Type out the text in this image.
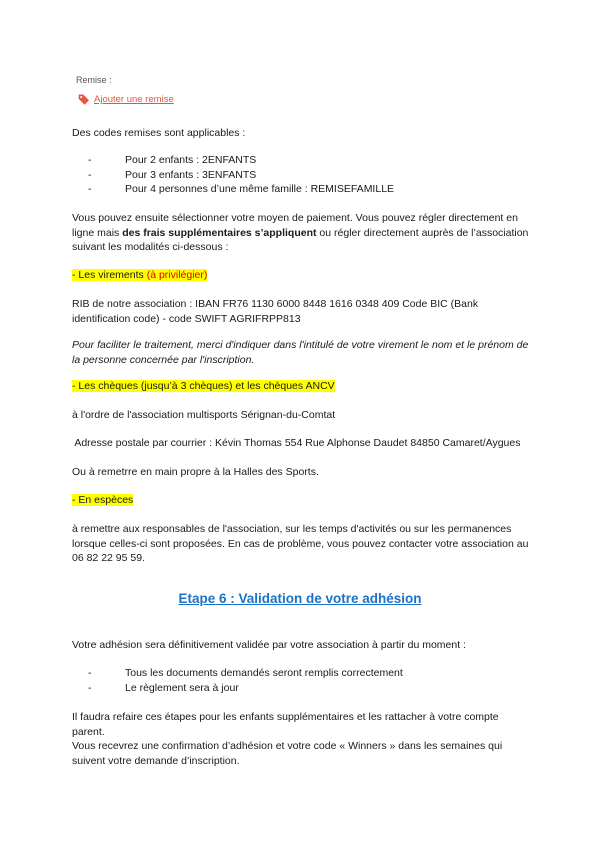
Remise :
Ajouter une remise

Des codes remises sont applicables :

- Pour 2 enfants : 2ENFANTS
- Pour 3 enfants : 3ENFANTS
- Pour 4 personnes d’une même famille : REMISEFAMILLE

Vous pouvez ensuite sélectionner votre moyen de paiement. Vous pouvez régler directement en ligne mais des frais supplémentaires s’appliquent ou régler directement auprès de l’association suivant les modalités ci-dessous :

- Les virements (à privilégier)

RIB de notre association : IBAN FR76 1130 6000 8448 1616 0348 409 Code BIC (Bank identification code) - code SWIFT AGRIFRPP813

Pour faciliter le traitement, merci d'indiquer dans l'intitulé de votre virement le nom et le prénom de la personne concernée par l'inscription.

- Les chèques (jusqu’à 3 chèques) et les chèques ANCV

à l'ordre de l'association multisports Sérignan-du-Comtat

Adresse postale par courrier : Kévin Thomas 554 Rue Alphonse Daudet 84850 Camaret/Aygues

Ou à remetrre en main propre à la Halles des Sports.

- En espèces

à remettre aux responsables de l'association, sur les temps d'activités ou sur les permanences lorsque celles-ci sont proposées. En cas de problème, vous pouvez contacter votre association au 06 82 22 95 59.

Etape 6 : Validation de votre adhésion

Votre adhésion sera définitivement validée par votre association à partir du moment :

- Tous les documents demandés seront remplis correctement
- Le règlement sera à jour

Il faudra refaire ces étapes pour les enfants supplémentaires et les rattacher à votre compte parent.

Vous recevrez une confirmation d’adhésion et votre code « Winners » dans les semaines qui suivent votre demande d’inscription.
